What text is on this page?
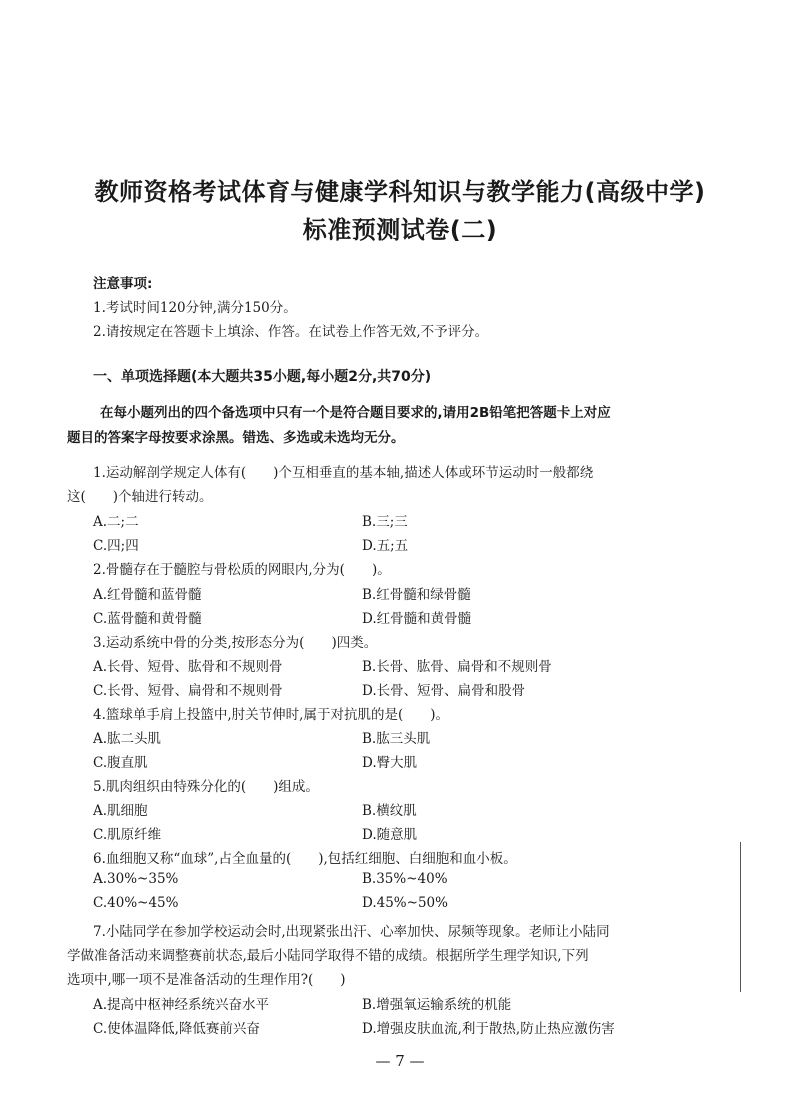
教师资格考试体育与健康学科知识与教学能力(高级中学)
标准预测试卷(二)
注意事项:
1.考试时间120分钟,满分150分。
2.请按规定在答题卡上填涂、作答。在试卷上作答无效,不予评分。
一、单项选择题(本大题共35小题,每小题2分,共70分)
在每小题列出的四个备选项中只有一个是符合题目要求的,请用2B铅笔把答题卡上对应
题目的答案字母按要求涂黑。错选、多选或未选均无分。
1.运动解剖学规定人体有(　　)个互相垂直的基本轴,描述人体或环节运动时一般都绕
这(　　)个轴进行转动。
A.二;二	B.三;三
C.四;四	D.五;五
2.骨髓存在于髓腔与骨松质的网眼内,分为(　　)。
A.红骨髓和蓝骨髓	B.红骨髓和绿骨髓
C.蓝骨髓和黄骨髓	D.红骨髓和黄骨髓
3.运动系统中骨的分类,按形态分为(　　)四类。
A.长骨、短骨、肱骨和不规则骨	B.长骨、肱骨、扁骨和不规则骨
C.长骨、短骨、扁骨和不规则骨	D.长骨、短骨、扁骨和股骨
4.篮球单手肩上投篮中,肘关节伸时,属于对抗肌的是(　　)。
A.肱二头肌	B.肱三头肌
C.腹直肌	D.臀大肌
5.肌肉组织由特殊分化的(　　)组成。
A.肌细胞	B.横纹肌
C.肌原纤维	D.随意肌
6.血细胞又称“血球”,占全血量的(　　),包括红细胞、白细胞和血小板。
A.30%~35%	B.35%~40%
C.40%~45%	D.45%~50%
7.小陆同学在参加学校运动会时,出现紧张出汗、心率加快、尿频等现象。老师让小陆同
学做准备活动来调整赛前状态,最后小陆同学取得不错的成绩。根据所学生理学知识,下列
选项中,哪一项不是准备活动的生理作用?(　　)
A.提高中枢神经系统兴奋水平	B.增强氧运输系统的机能
C.使体温降低,降低赛前兴奋	D.增强皮肤血流,利于散热,防止热应激伤害
— 7 —
